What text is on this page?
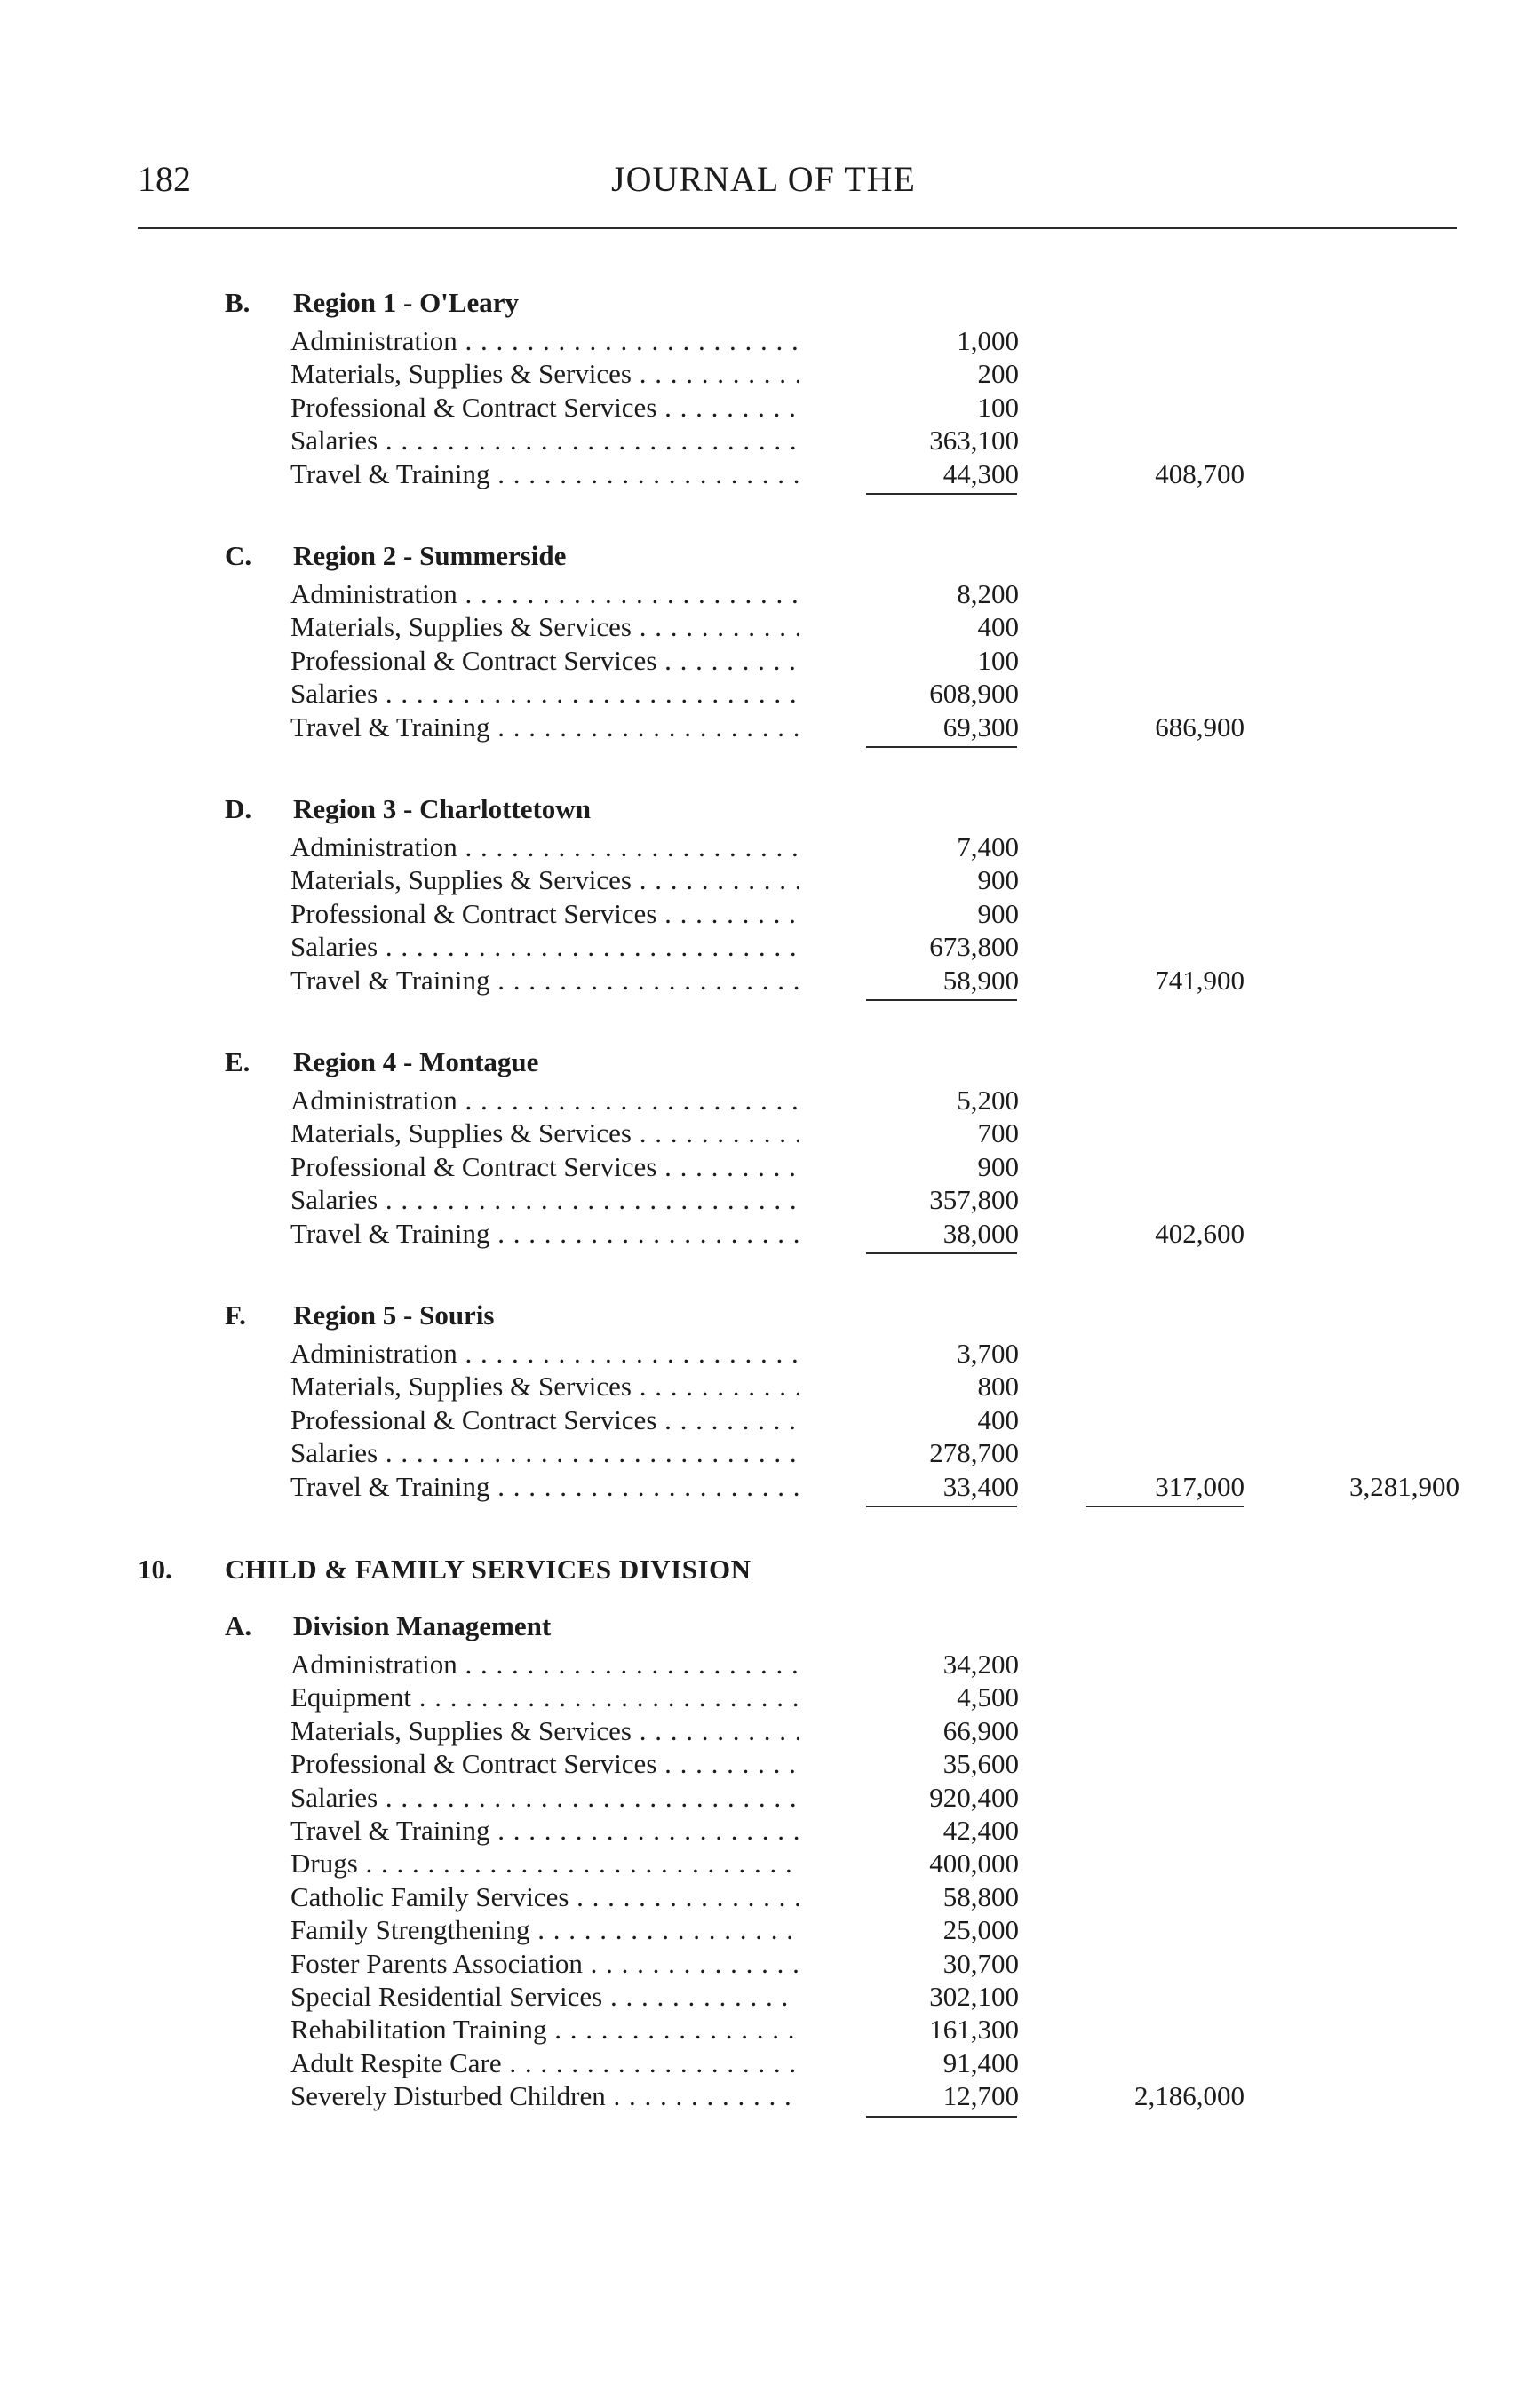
182	JOURNAL OF THE
B. Region 1 - O'Leary
Administration . . .	1,000
Materials, Supplies & Services . . .	200
Professional & Contract Services . . .	100
Salaries . . .	363,100
Travel & Training . . .	44,300	408,700
C. Region 2 - Summerside
Administration . . .	8,200
Materials, Supplies & Services . . .	400
Professional & Contract Services . . .	100
Salaries . . .	608,900
Travel & Training . . .	69,300	686,900
D. Region 3 - Charlottetown
Administration . . .	7,400
Materials, Supplies & Services . . .	900
Professional & Contract Services . . .	900
Salaries . . .	673,800
Travel & Training . . .	58,900	741,900
E. Region 4 - Montague
Administration . . .	5,200
Materials, Supplies & Services . . .	700
Professional & Contract Services . . .	900
Salaries . . .	357,800
Travel & Training . . .	38,000	402,600
F. Region 5 - Souris
Administration . . .	3,700
Materials, Supplies & Services . . .	800
Professional & Contract Services . . .	400
Salaries . . .	278,700
Travel & Training . . .	33,400	317,000	3,281,900
10. CHILD & FAMILY SERVICES DIVISION
A. Division Management
Administration . . .	34,200
Equipment . . .	4,500
Materials, Supplies & Services . . .	66,900
Professional & Contract Services . . .	35,600
Salaries . . .	920,400
Travel & Training . . .	42,400
Drugs . . .	400,000
Catholic Family Services . . .	58,800
Family Strengthening . . .	25,000
Foster Parents Association . . .	30,700
Special Residential Services . . .	302,100
Rehabilitation Training . . .	161,300
Adult Respite Care . . .	91,400
Severely Disturbed Children . . .	12,700	2,186,000
